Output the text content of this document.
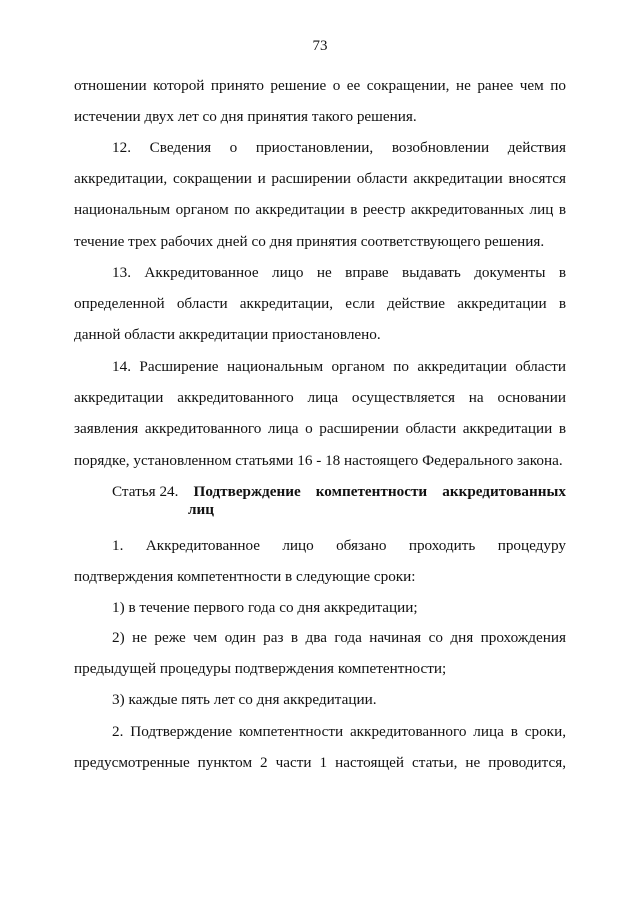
73
отношении которой принято решение о ее сокращении, не ранее чем по
истечении двух лет со дня принятия такого решения.
12. Сведения о приостановлении, возобновлении действия
аккредитации, сокращении и расширении области аккредитации вносятся
национальным органом по аккредитации в реестр аккредитованных лиц в
течение трех рабочих дней со дня принятия соответствующего решения.
13. Аккредитованное лицо не вправе выдавать документы в
определенной области аккредитации, если действие аккредитации в
данной области аккредитации приостановлено.
14. Расширение национальным органом по аккредитации области
аккредитации аккредитованного лица осуществляется на основании
заявления аккредитованного лица о расширении области аккредитации в
порядке, установленном статьями 16 - 18 настоящего Федерального закона.
Статья 24. Подтверждение компетентности аккредитованных
лиц
1. Аккредитованное лицо обязано проходить процедуру
подтверждения компетентности в следующие сроки:
1) в течение первого года со дня аккредитации;
2) не реже чем один раз в два года начиная со дня прохождения
предыдущей процедуры подтверждения компетентности;
3) каждые пять лет со дня аккредитации.
2. Подтверждение компетентности аккредитованного лица в сроки,
предусмотренные пунктом 2 части 1 настоящей статьи, не проводится,
